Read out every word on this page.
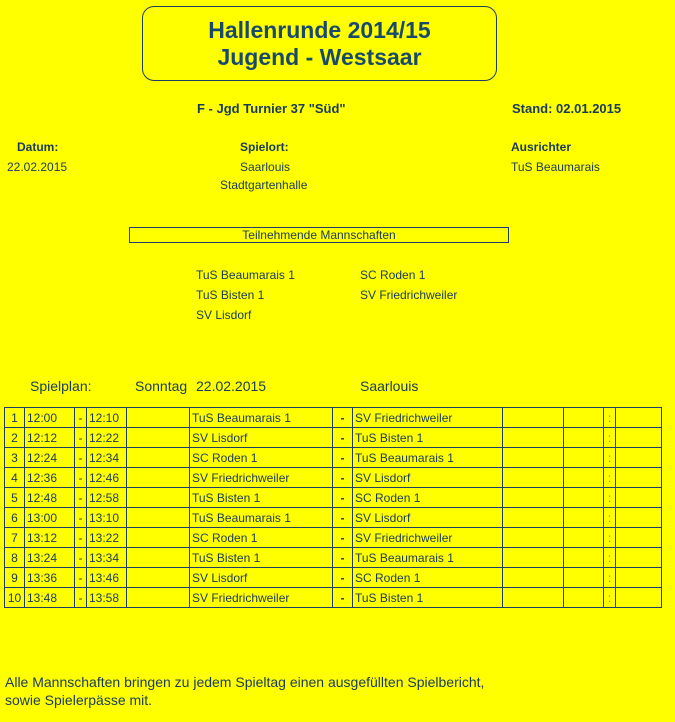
Hallenrunde 2014/15
Jugend - Westsaar
F - Jgd Turnier 37 "Süd"	Stand: 02.01.2015
Datum:
22.02.2015
Spielort:
Saarlouis
Stadtgartenhalle
Ausrichter
TuS Beaumarais
Teilnehmende Mannschaften
TuS Beaumarais 1
TuS Bisten 1
SV Lisdorf
SC Roden 1
SV Friedrichweiler
Spielplan:	Sonntag 22.02.2015	Saarlouis
1	12:00	-	12:10		TuS Beaumarais 1	-	SV Friedrichweiler			:	
2	12:12	-	12:22		SV Lisdorf	-	TuS Bisten 1			:	
3	12:24	-	12:34		SC Roden 1	-	TuS Beaumarais 1			:	
4	12:36	-	12:46		SV Friedrichweiler	-	SV Lisdorf			:	
5	12:48	-	12:58		TuS Bisten 1	-	SC Roden 1			:	
6	13:00	-	13:10		TuS Beaumarais 1	-	SV Lisdorf			:	
7	13:12	-	13:22		SC Roden 1	-	SV Friedrichweiler			:	
8	13:24	-	13:34		TuS Bisten 1	-	TuS Beaumarais 1			:	
9	13:36	-	13:46		SV Lisdorf	-	SC Roden 1			:	
10	13:48	-	13:58		SV Friedrichweiler	-	TuS Bisten 1			:	
Alle Mannschaften bringen zu jedem Spieltag einen ausgefüllten Spielbericht,
sowie Spielerpässe mit.
